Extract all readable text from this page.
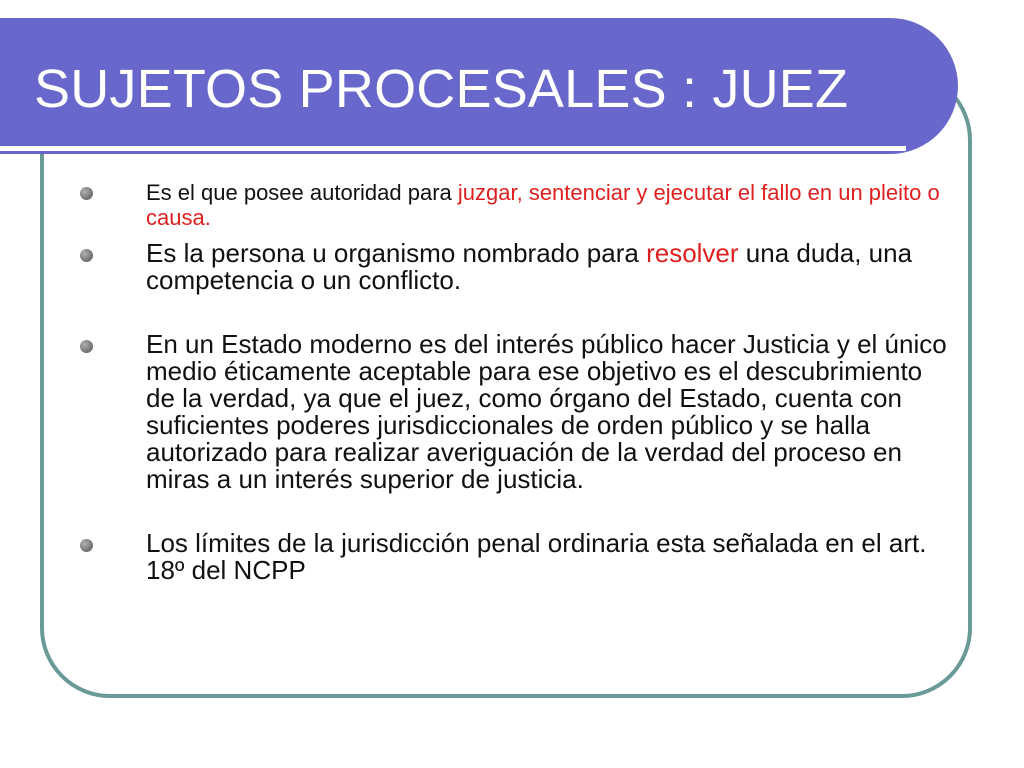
SUJETOS PROCESALES : JUEZ
Es el que posee autoridad para juzgar, sentenciar y ejecutar el fallo en un pleito o causa.
Es la persona u organismo nombrado para resolver una duda, una competencia o un conflicto.
En un Estado moderno es del interés público hacer Justicia y el único medio éticamente aceptable para ese objetivo es el descubrimiento de la verdad, ya que el juez, como órgano del Estado, cuenta con suficientes poderes jurisdiccionales de orden público y se halla autorizado para realizar averiguación de la verdad del proceso en miras a un interés superior de justicia.
Los límites de la jurisdicción penal ordinaria esta señalada en el art. 18º del NCPP
